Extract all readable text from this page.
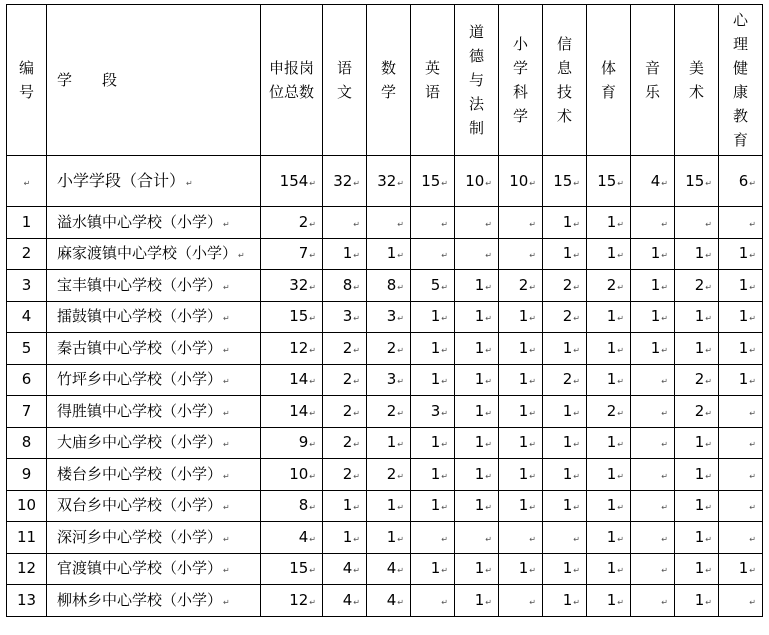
编号	学　　段	申报岗位总数	语文	数学	英语	道德与法制	小学科学	信息技术	体育	音乐	美术	心理健康教育
↵	小学学段（合计）↵	154↵	32↵	32↵	15↵	10↵	10↵	15↵	15↵	4↵	15↵	6↵
1	溢水镇中心学校（小学）↵	2↵	↵	↵	↵	↵	↵	1↵	1↵	↵	↵	↵
2	麻家渡镇中心学校（小学）↵	7↵	1↵	1↵	↵	↵	↵	1↵	1↵	1↵	1↵	1↵
3	宝丰镇中心学校（小学）↵	32↵	8↵	8↵	5↵	1↵	2↵	2↵	2↵	1↵	2↵	1↵
4	擂鼓镇中心学校（小学）↵	15↵	3↵	3↵	1↵	1↵	1↵	2↵	1↵	1↵	1↵	1↵
5	秦古镇中心学校（小学）↵	12↵	2↵	2↵	1↵	1↵	1↵	1↵	1↵	1↵	1↵	1↵
6	竹坪乡中心学校（小学）↵	14↵	2↵	3↵	1↵	1↵	1↵	2↵	1↵	↵	2↵	1↵
7	得胜镇中心学校（小学）↵	14↵	2↵	2↵	3↵	1↵	1↵	1↵	2↵	↵	2↵	↵
8	大庙乡中心学校（小学）↵	9↵	2↵	1↵	1↵	1↵	1↵	1↵	1↵	↵	1↵	↵
9	楼台乡中心学校（小学）↵	10↵	2↵	2↵	1↵	1↵	1↵	1↵	1↵	↵	1↵	↵
10	双台乡中心学校（小学）↵	8↵	1↵	1↵	1↵	1↵	1↵	1↵	1↵	↵	1↵	↵
11	深河乡中心学校（小学）↵	4↵	1↵	1↵	↵	↵	↵	↵	1↵	↵	1↵	↵
12	官渡镇中心学校（小学）↵	15↵	4↵	4↵	1↵	1↵	1↵	1↵	1↵	↵	1↵	1↵
13	柳林乡中心学校（小学）↵	12↵	4↵	4↵	↵	1↵	↵	1↵	1↵	↵	1↵	↵
